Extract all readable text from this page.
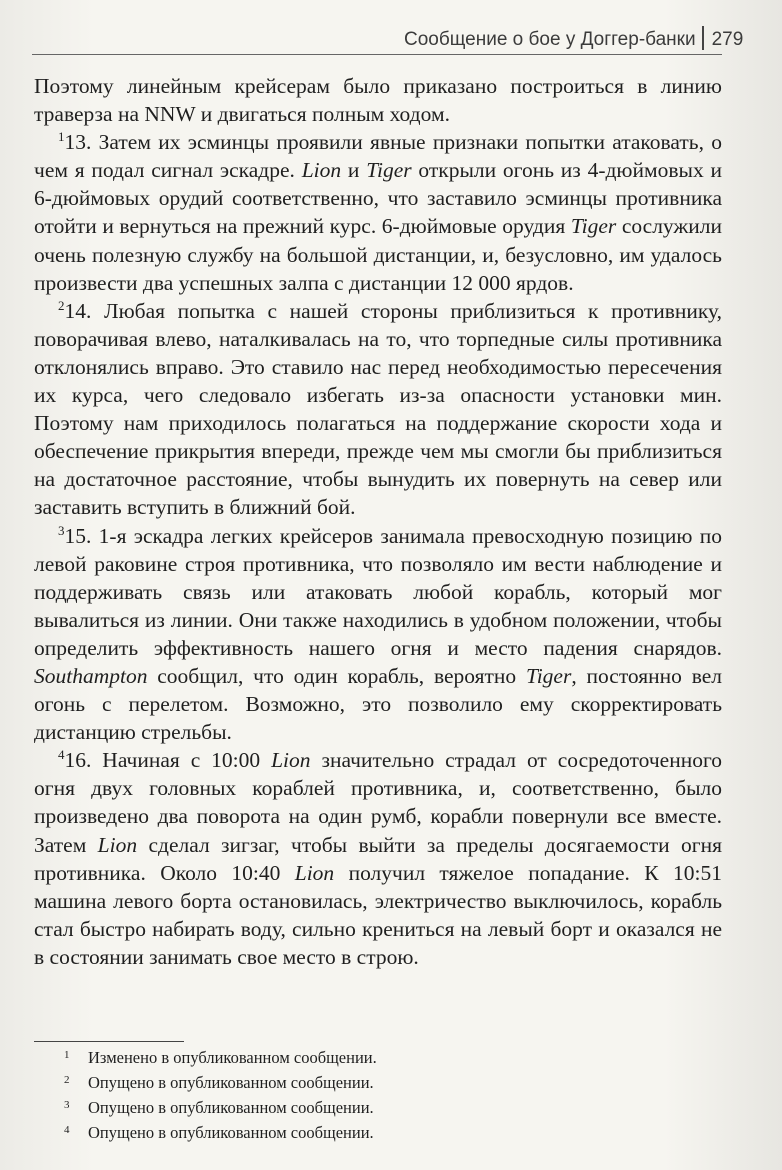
Сообщение о бое у Доггер-банки 279

Поэтому линейным крейсерам было приказано построиться в линию траверза на NNW и двигаться полным ходом.

$^1$13. Затем их эсминцы проявили явные признаки попытки атаковать, о чем я подал сигнал эскадре. Lion и Tiger открыли огонь из 4-дюймовых и 6-дюймовых орудий соответственно, что заставило эсминцы противника отойти и вернуться на прежний курс. 6-дюймовые орудия Tiger сослужили очень полезную службу на большой дистанции, и, безусловно, им удалось произвести два успешных залпа с дистанции 12 000 ярдов.

$^2$14. Любая попытка с нашей стороны приблизиться к противнику, поворачивая влево, наталкивалась на то, что торпедные силы противника отклонялись вправо. Это ставило нас перед необходимостью пересечения их курса, чего следовало избегать из-за опасности установки мин. Поэтому нам приходилось полагаться на поддержание скорости хода и обеспечение прикрытия впереди, прежде чем мы смогли бы приблизиться на достаточное расстояние, чтобы вынудить их повернуть на север или заставить вступить в ближний бой.

$^3$15. 1-я эскадра легких крейсеров занимала превосходную позицию по левой раковине строя противника, что позволяло им вести наблюдение и поддерживать связь или атаковать любой корабль, который мог вывалиться из линии. Они также находились в удобном положении, чтобы определить эффективность нашего огня и место падения снарядов. Southampton сообщил, что один корабль, вероятно Tiger, постоянно вел огонь с перелетом. Возможно, это позволило ему скорректировать дистанцию стрельбы.

$^4$16. Начиная с 10:00 Lion значительно страдал от сосредоточенного огня двух головных кораблей противника, и, соответственно, было произведено два поворота на один румб, корабли повернули все вместе. Затем Lion сделал зигзаг, чтобы выйти за пределы досягаемости огня противника. Около 10:40 Lion получил тяжелое попадание. К 10:51 машина левого борта остановилась, электричество выключилось, корабль стал быстро набирать воду, сильно крениться на левый борт и оказался не в состоянии занимать свое место в строю.

1 Изменено в опубликованном сообщении.
2 Опущено в опубликованном сообщении.
3 Опущено в опубликованном сообщении.
4 Опущено в опубликованном сообщении.
